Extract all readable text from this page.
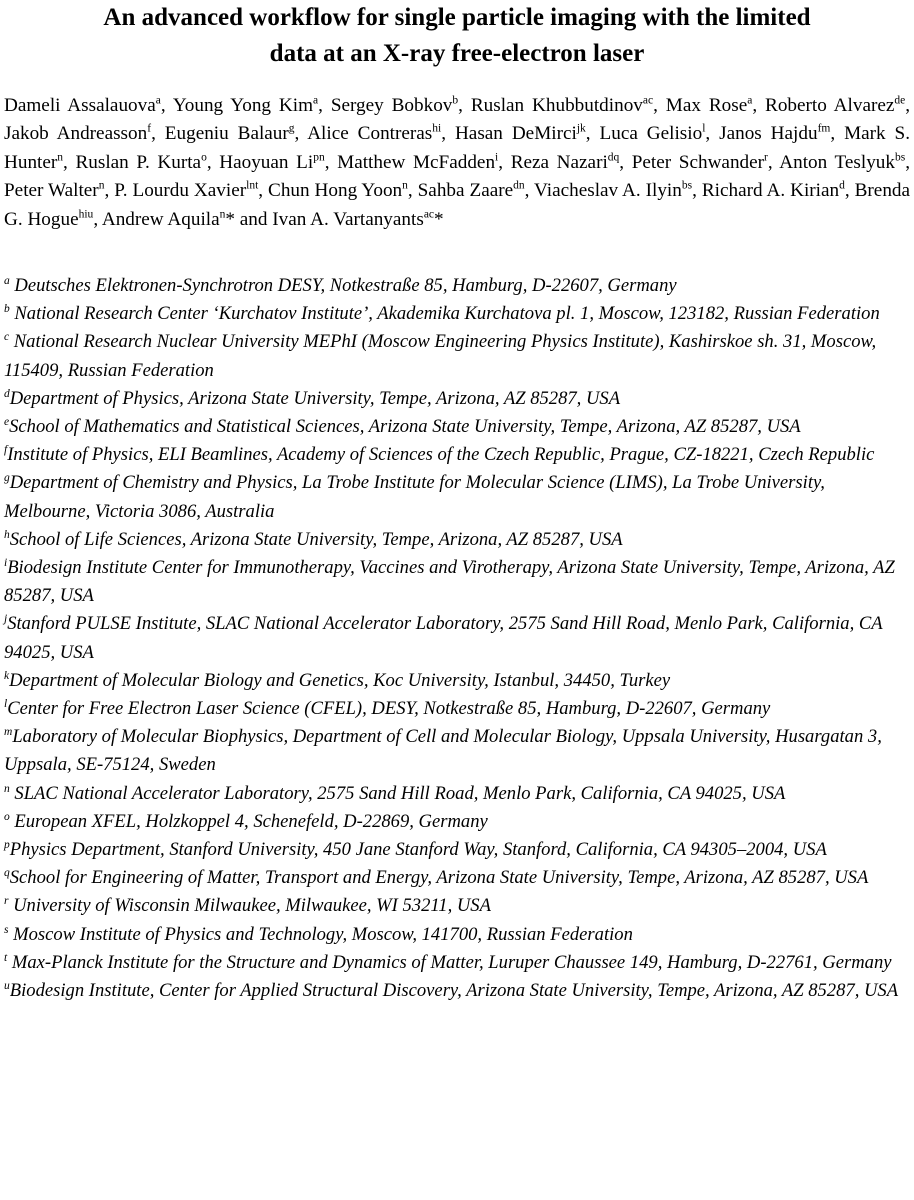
An advanced workflow for single particle imaging with the limited
data at an X-ray free-electron laser

Dameli Assalauova$^a$, Young Yong Kim$^a$, Sergey Bobkov$^b$, Ruslan Khubbutdinov$^{ac}$, Max Rose$^a$, Roberto Alvarez$^{de}$, Jakob Andreasson$^f$, Eugeniu Balaur$^g$, Alice Contreras$^{hi}$, Hasan DeMirci$^{jk}$, Luca Gelisio$^l$, Janos Hajdu$^{fm}$, Mark S. Hunter$^n$, Ruslan P. Kurta$^o$, Haoyuan $Li^{pn}$, Matthew McFadden$^i$, Reza Nazari$^{dq}$, Peter Schwander$^r$, Anton Teslyuk$^{bs}$, Peter Walter$^n$, P. Lourdu Xavier$^{lnt}$, Chun Hong Yoon$^n$, Sahba Zaare$^{dn}$, Viacheslav A. Ilyin$^{bs}$, Richard A. Kirian$^d$, Brenda G. Hogue$^{hiu}$, Andrew Aquila$^n$* and Ivan A. Vartanyants$^{ac}$*

$^a$ Deutsches Elektronen-Synchrotron DESY, Notkestraße 85, Hamburg, D-22607, Germany
$^b$ National Research Center ‘Kurchatov Institute’, Akademika Kurchatova pl. 1, Moscow, 123182, Russian Federation
$^c$ National Research Nuclear University MEPhI (Moscow Engineering Physics Institute), Kashirskoe sh. 31, Moscow, 115409, Russian Federation
$^d$Department of Physics, Arizona State University, Tempe, Arizona, AZ 85287, USA
$^e$School of Mathematics and Statistical Sciences, Arizona State University, Tempe, Arizona, AZ 85287, USA
$^f$Institute of Physics, ELI Beamlines, Academy of Sciences of the Czech Republic, Prague, CZ-18221, Czech Republic
$^g$Department of Chemistry and Physics, La Trobe Institute for Molecular Science (LIMS), La Trobe University, Melbourne, Victoria 3086, Australia
$^h$School of Life Sciences, Arizona State University, Tempe, Arizona, AZ 85287, USA
$^i$Biodesign Institute Center for Immunotherapy, Vaccines and Virotherapy, Arizona State University, Tempe, Arizona, AZ 85287, USA
$^j$Stanford PULSE Institute, SLAC National Accelerator Laboratory, 2575 Sand Hill Road, Menlo Park, California, CA 94025, USA
$^k$Department of Molecular Biology and Genetics, Koc University, Istanbul, 34450, Turkey
$^l$Center for Free Electron Laser Science (CFEL), DESY, Notkestraße 85, Hamburg, D-22607, Germany
$^m$Laboratory of Molecular Biophysics, Department of Cell and Molecular Biology, Uppsala University, Husargatan 3, Uppsala, SE-75124, Sweden
$^n$ SLAC National Accelerator Laboratory, 2575 Sand Hill Road, Menlo Park, California, CA 94025, USA
$^o$ European XFEL, Holzkoppel 4, Schenefeld, D-22869, Germany
$^p$Physics Department, Stanford University, 450 Jane Stanford Way, Stanford, California, CA 94305–2004, USA
$^q$School for Engineering of Matter, Transport and Energy, Arizona State University, Tempe, Arizona, AZ 85287, USA
$^r$ University of Wisconsin Milwaukee, Milwaukee, WI 53211, USA
$^s$ Moscow Institute of Physics and Technology, Moscow, 141700, Russian Federation
$^t$ Max-Planck Institute for the Structure and Dynamics of Matter, Luruper Chaussee 149, Hamburg, D-22761, Germany
$^u$Biodesign Institute, Center for Applied Structural Discovery, Arizona State University, Tempe, Arizona, AZ 85287, USA
